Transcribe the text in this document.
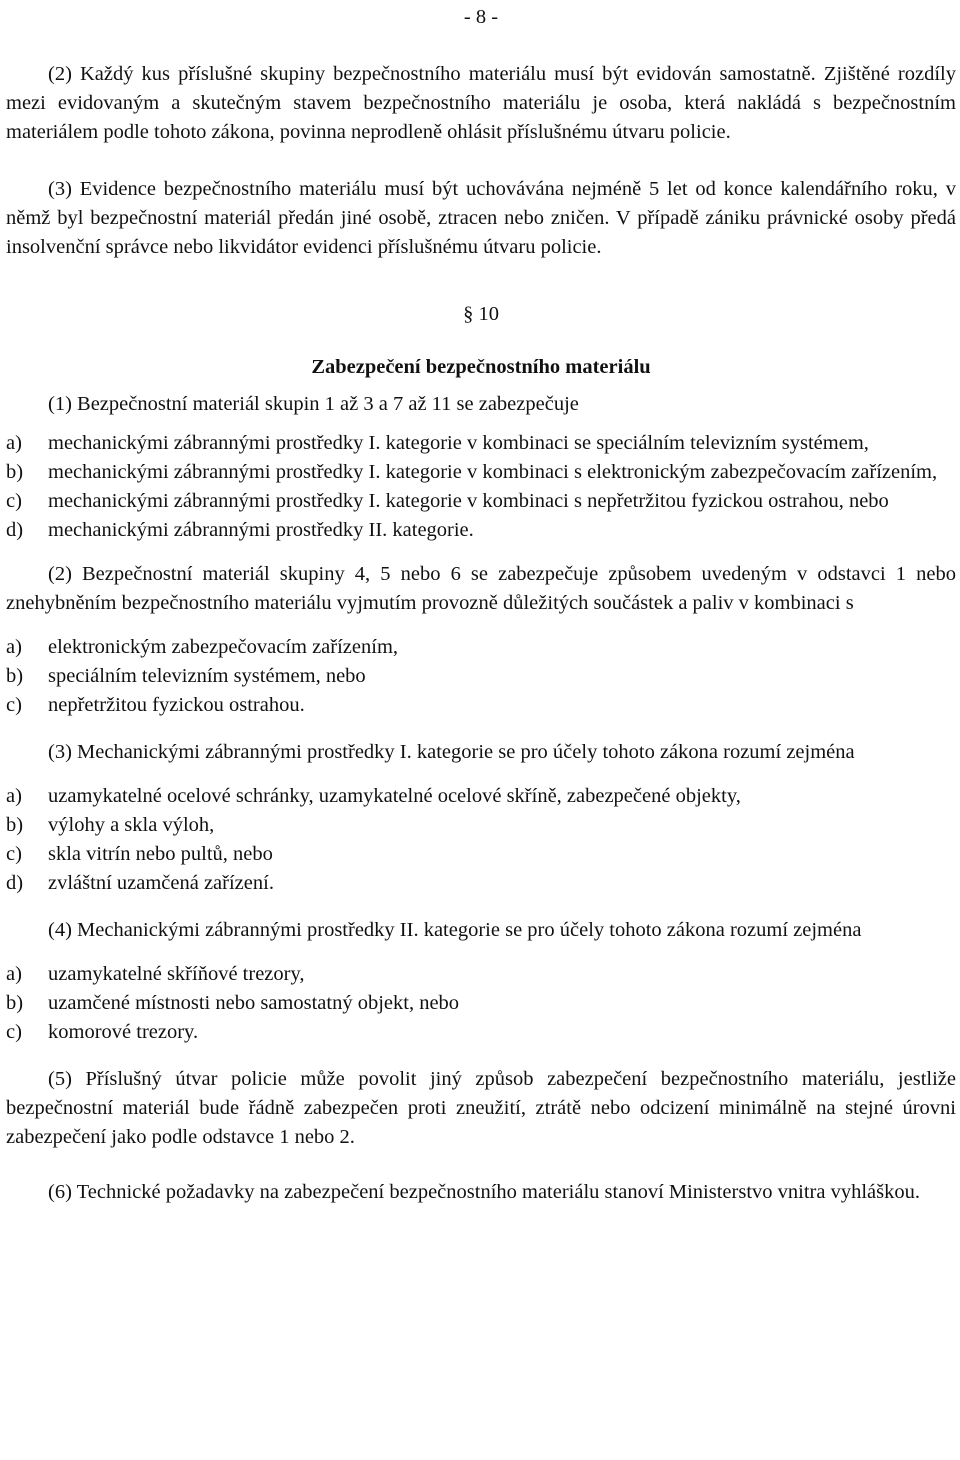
- 8 -

(2) Každý kus příslušné skupiny bezpečnostního materiálu musí být evidován samostatně. Zjištěné rozdíly mezi evidovaným a skutečným stavem bezpečnostního materiálu je osoba, která nakládá s bezpečnostním materiálem podle tohoto zákona, povinna neprodleně ohlásit příslušnému útvaru policie.

(3) Evidence bezpečnostního materiálu musí být uchovávána nejméně 5 let od konce kalendářního roku, v němž byl bezpečnostní materiál předán jiné osobě, ztracen nebo zničen. V případě zániku právnické osoby předá insolvenční správce nebo likvidátor evidenci příslušnému útvaru policie.

§ 10

Zabezpečení bezpečnostního materiálu

(1) Bezpečnostní materiál skupin 1 až 3 a 7 až 11 se zabezpečuje

a)	mechanickými zábrannými prostředky I. kategorie v kombinaci se speciálním televizním systémem,
b)	mechanickými zábrannými prostředky I. kategorie v kombinaci s elektronickým zabezpečovacím zařízením,
c)	mechanickými zábrannými prostředky I. kategorie v kombinaci s nepřetržitou fyzickou ostrahou, nebo
d)	mechanickými zábrannými prostředky II. kategorie.

(2) Bezpečnostní materiál skupiny 4, 5 nebo 6 se zabezpečuje způsobem uvedeným v odstavci 1 nebo znehybněním bezpečnostního materiálu vyjmutím provozně důležitých součástek a paliv v kombinaci s

a)	elektronickým zabezpečovacím zařízením,
b)	speciálním televizním systémem, nebo
c)	nepřetržitou fyzickou ostrahou.

(3) Mechanickými zábrannými prostředky I. kategorie se pro účely tohoto zákona rozumí zejména

a)	uzamykatelné ocelové schránky, uzamykatelné ocelové skříně, zabezpečené objekty,
b)	výlohy a skla výloh,
c)	skla vitrín nebo pultů, nebo
d)	zvláštní uzamčená zařízení.

(4) Mechanickými zábrannými prostředky II. kategorie se pro účely tohoto zákona rozumí zejména

a)	uzamykatelné skříňové trezory,
b)	uzamčené místnosti nebo samostatný objekt, nebo
c)	komorové trezory.

(5) Příslušný útvar policie může povolit jiný způsob zabezpečení bezpečnostního materiálu, jestliže bezpečnostní materiál bude řádně zabezpečen proti zneužití, ztrátě nebo odcizení minimálně na stejné úrovni zabezpečení jako podle odstavce 1 nebo 2.

(6) Technické požadavky na zabezpečení bezpečnostního materiálu stanoví Ministerstvo vnitra vyhláškou.
